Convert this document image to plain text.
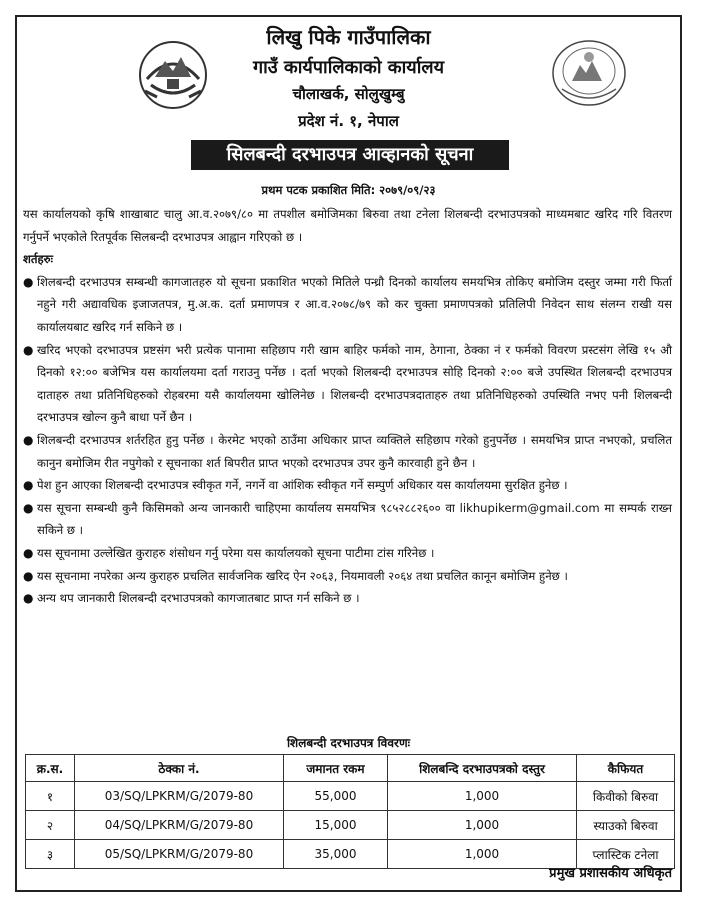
लिखु पिके गाउँपालिका
गाउँ कार्यपालिकाको कार्यालय
चौलाखर्क, सोलुखुम्बु
प्रदेश नं. १, नेपाल
सिलबन्दी दरभाउपत्र आव्हानको सूचना
प्रथम पटक प्रकाशित मिति: २०७९/०९/२३

यस कार्यालयको कृषि शाखाबाट चालु आ.व.२०७९/८० मा तपशील बमोजिमका बिरुवा तथा टनेला शिलबन्दी दरभाउपत्रको माध्यमबाट खरिद गरि वितरण गर्नुपर्ने भएकोले रितपूर्वक सिलबन्दी दरभाउपत्र आह्वान गरिएको छ ।

शर्तहरुः

● शिलबन्दी दरभाउपत्र सम्बन्धी कागजातहरु यो सूचना प्रकाशित भएको मितिले पन्ध्रौ दिनको कार्यालय समयभित्र तोकिए बमोजिम दस्तुर जम्मा गरी फिर्ता नहुने गरी अद्यावधिक इजाजतपत्र, मु.अ.क. दर्ता प्रमाणपत्र र आ.व.२०७८/७९ को कर चुक्ता प्रमाणपत्रको प्रतिलिपी निवेदन साथ संलग्न राखी यस कार्यालयबाट खरिद गर्न सकिने छ ।
● खरिद भएको दरभाउपत्र प्रष्टसंग भरी प्रत्येक पानामा सहिछाप गरी खाम बाहिर फर्मको नाम, ठेगाना, ठेक्का नं र फर्मको विवरण प्रस्टसंग लेखि १५ औ दिनको १२:०० बजेभित्र यस कार्यालयमा दर्ता गराउनु पर्नेछ । दर्ता भएको शिलबन्दी दरभाउपत्र सोहि दिनको २:०० बजे उपस्थित शिलबन्दी दरभाउपत्र दाताहरु तथा प्रतिनिधिहरुको रोहबरमा यसै कार्यालयमा खोलिनेछ । शिलबन्दी दरभाउपत्रदाताहरु तथा प्रतिनिधिहरुको उपस्थिति नभए पनी शिलबन्दी दरभाउपत्र खोल्न कुनै बाधा पर्ने छैन ।
● शिलबन्दी दरभाउपत्र शर्तरहित हुनु पर्नेछ । केरमेट भएको ठाउँमा अधिकार प्राप्त व्यक्तिले सहिछाप गरेको हुनुपर्नेछ । समयभित्र प्राप्त नभएको, प्रचलित कानुन बमोजिम रीत नपुगेको र सूचनाका शर्त बिपरीत प्राप्त भएको दरभाउपत्र उपर कुनै कारवाही हुने छैन ।
● पेश हुन आएका शिलबन्दी दरभाउपत्र स्वीकृत गर्ने, नगर्ने वा आंशिक स्वीकृत गर्ने सम्पुर्ण अधिकार यस कार्यालयमा सुरक्षित हुनेछ ।
● यस सूचना सम्बन्धी कुनै किसिमको अन्य जानकारी चाहिएमा कार्यालय समयभित्र ९८५२८८२६०० वा likhupikerm@gmail.com मा सम्पर्क राख्न सकिने छ ।
● यस सूचनामा उल्लेखित कुराहरु शंसोधन गर्नु परेमा यस कार्यालयको सूचना पाटीमा टांस गरिनेछ ।
● यस सूचनामा नपरेका अन्य कुराहरु प्रचलित सार्वजनिक खरिद ऐन २०६३, नियमावली २०६४ तथा प्रचलित कानून बमोजिम हुनेछ ।
● अन्य थप जानकारी शिलबन्दी दरभाउपत्रको कागजातबाट प्राप्त गर्न सकिने छ ।
शिलबन्दी दरभाउपत्र विवरणः
क्र.स.	ठेक्का नं.	जमानत रकम	शिलबन्दि दरभाउपत्रको दस्तुर	कैफियत
१	03/SQ/LPKRM/G/2079-80	55,000	1,000	किवीको बिरुवा
२	04/SQ/LPKRM/G/2079-80	15,000	1,000	स्याउको बिरुवा
३	05/SQ/LPKRM/G/2079-80	35,000	1,000	प्लास्टिक टनेला
प्रमुख प्रशासकीय अधिकृत
